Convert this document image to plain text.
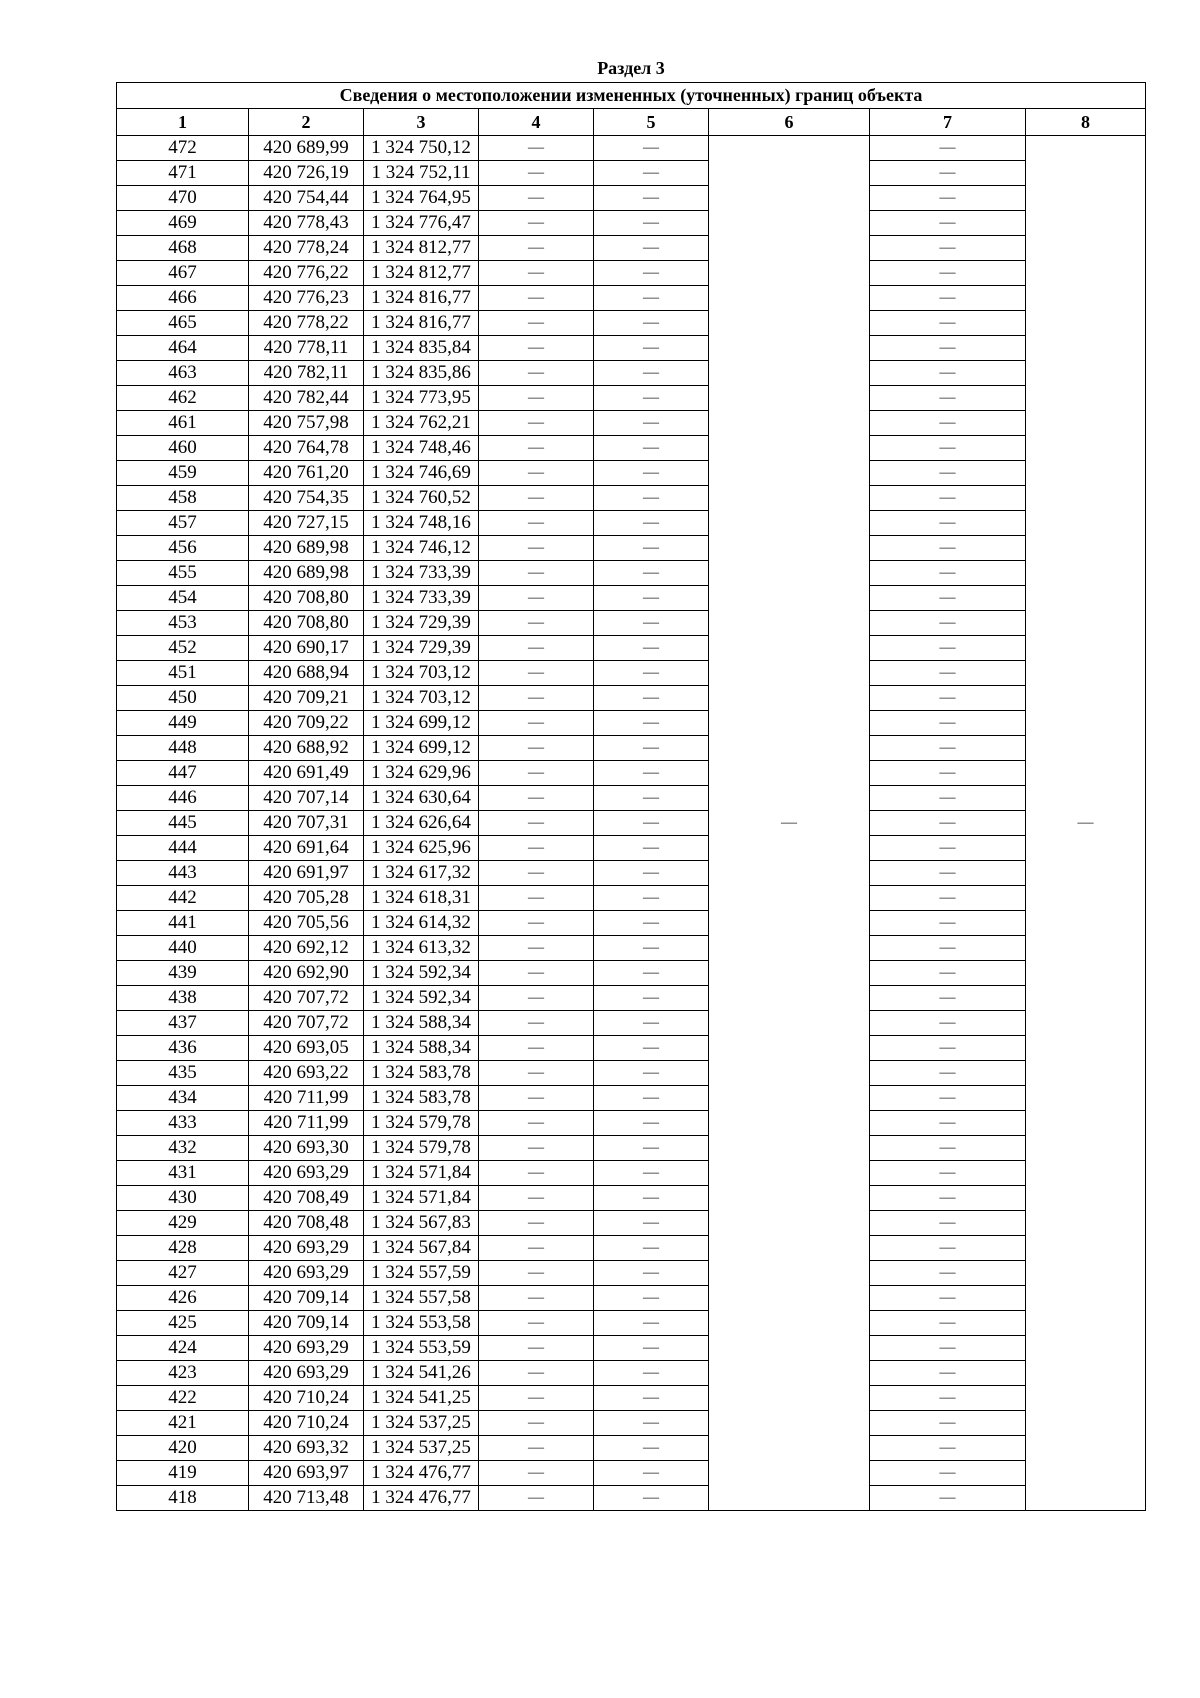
Раздел 3
Сведения о местоположении измененных (уточненных) границ объекта							
1	2	3	4	5	6	7	8
472	420 689,99	1 324 750,12	—	—	—	—	—
471	420 726,19	1 324 752,11	—	—		—	
470	420 754,44	1 324 764,95	—	—		—	
469	420 778,43	1 324 776,47	—	—		—	
468	420 778,24	1 324 812,77	—	—		—	
467	420 776,22	1 324 812,77	—	—		—	
466	420 776,23	1 324 816,77	—	—		—	
465	420 778,22	1 324 816,77	—	—		—	
464	420 778,11	1 324 835,84	—	—		—	
463	420 782,11	1 324 835,86	—	—		—	
462	420 782,44	1 324 773,95	—	—		—	
461	420 757,98	1 324 762,21	—	—		—	
460	420 764,78	1 324 748,46	—	—		—	
459	420 761,20	1 324 746,69	—	—		—	
458	420 754,35	1 324 760,52	—	—		—	
457	420 727,15	1 324 748,16	—	—		—	
456	420 689,98	1 324 746,12	—	—		—	
455	420 689,98	1 324 733,39	—	—		—	
454	420 708,80	1 324 733,39	—	—		—	
453	420 708,80	1 324 729,39	—	—		—	
452	420 690,17	1 324 729,39	—	—		—	
451	420 688,94	1 324 703,12	—	—		—	
450	420 709,21	1 324 703,12	—	—		—	
449	420 709,22	1 324 699,12	—	—		—	
448	420 688,92	1 324 699,12	—	—		—	
447	420 691,49	1 324 629,96	—	—		—	
446	420 707,14	1 324 630,64	—	—		—	
445	420 707,31	1 324 626,64	—	—		—	
444	420 691,64	1 324 625,96	—	—		—	
443	420 691,97	1 324 617,32	—	—		—	
442	420 705,28	1 324 618,31	—	—		—	
441	420 705,56	1 324 614,32	—	—		—	
440	420 692,12	1 324 613,32	—	—		—	
439	420 692,90	1 324 592,34	—	—		—	
438	420 707,72	1 324 592,34	—	—		—	
437	420 707,72	1 324 588,34	—	—		—	
436	420 693,05	1 324 588,34	—	—		—	
435	420 693,22	1 324 583,78	—	—		—	
434	420 711,99	1 324 583,78	—	—		—	
433	420 711,99	1 324 579,78	—	—		—	
432	420 693,30	1 324 579,78	—	—		—	
431	420 693,29	1 324 571,84	—	—		—	
430	420 708,49	1 324 571,84	—	—		—	
429	420 708,48	1 324 567,83	—	—		—	
428	420 693,29	1 324 567,84	—	—		—	
427	420 693,29	1 324 557,59	—	—		—	
426	420 709,14	1 324 557,58	—	—		—	
425	420 709,14	1 324 553,58	—	—		—	
424	420 693,29	1 324 553,59	—	—		—	
423	420 693,29	1 324 541,26	—	—		—	
422	420 710,24	1 324 541,25	—	—		—	
421	420 710,24	1 324 537,25	—	—		—	
420	420 693,32	1 324 537,25	—	—		—	
419	420 693,97	1 324 476,77	—	—		—	
418	420 713,48	1 324 476,77	—	—		—	
